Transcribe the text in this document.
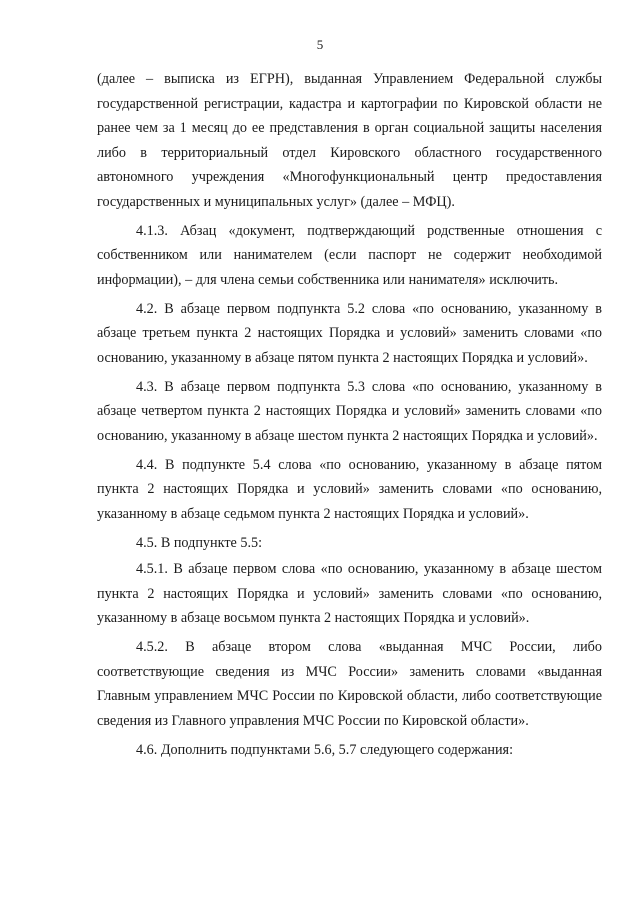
5

(далее – выписка из ЕГРН), выданная Управлением Федеральной службы государственной регистрации, кадастра и картографии по Кировской области не ранее чем за 1 месяц до ее представления в орган социальной защиты населения либо в территориальный отдел Кировского областного государственного автономного учреждения «Многофункциональный центр предоставления государственных и муниципальных услуг» (далее – МФЦ).

4.1.3. Абзац «документ, подтверждающий родственные отношения с собственником или нанимателем (если паспорт не содержит необходимой информации), – для члена семьи собственника или нанимателя» исключить.

4.2. В абзаце первом подпункта 5.2 слова «по основанию, указанному в абзаце третьем пункта 2 настоящих Порядка и условий» заменить словами «по основанию, указанному в абзаце пятом пункта 2 настоящих Порядка и условий».

4.3. В абзаце первом подпункта 5.3 слова «по основанию, указанному в абзаце четвертом пункта 2 настоящих Порядка и условий» заменить словами «по основанию, указанному в абзаце шестом пункта 2 настоящих Порядка и условий».

4.4. В подпункте 5.4 слова «по основанию, указанному в абзаце пятом пункта 2 настоящих Порядка и условий» заменить словами «по основанию, указанному в абзаце седьмом пункта 2 настоящих Порядка и условий».

4.5. В подпункте 5.5:

4.5.1. В абзаце первом слова «по основанию, указанному в абзаце шестом пункта 2 настоящих Порядка и условий» заменить словами «по основанию, указанному в абзаце восьмом пункта 2 настоящих Порядка и условий».

4.5.2. В абзаце втором слова «выданная МЧС России, либо соответствующие сведения из МЧС России» заменить словами «выданная Главным управлением МЧС России по Кировской области, либо соответствующие сведения из Главного управления МЧС России по Кировской области».

4.6. Дополнить подпунктами 5.6, 5.7 следующего содержания:
